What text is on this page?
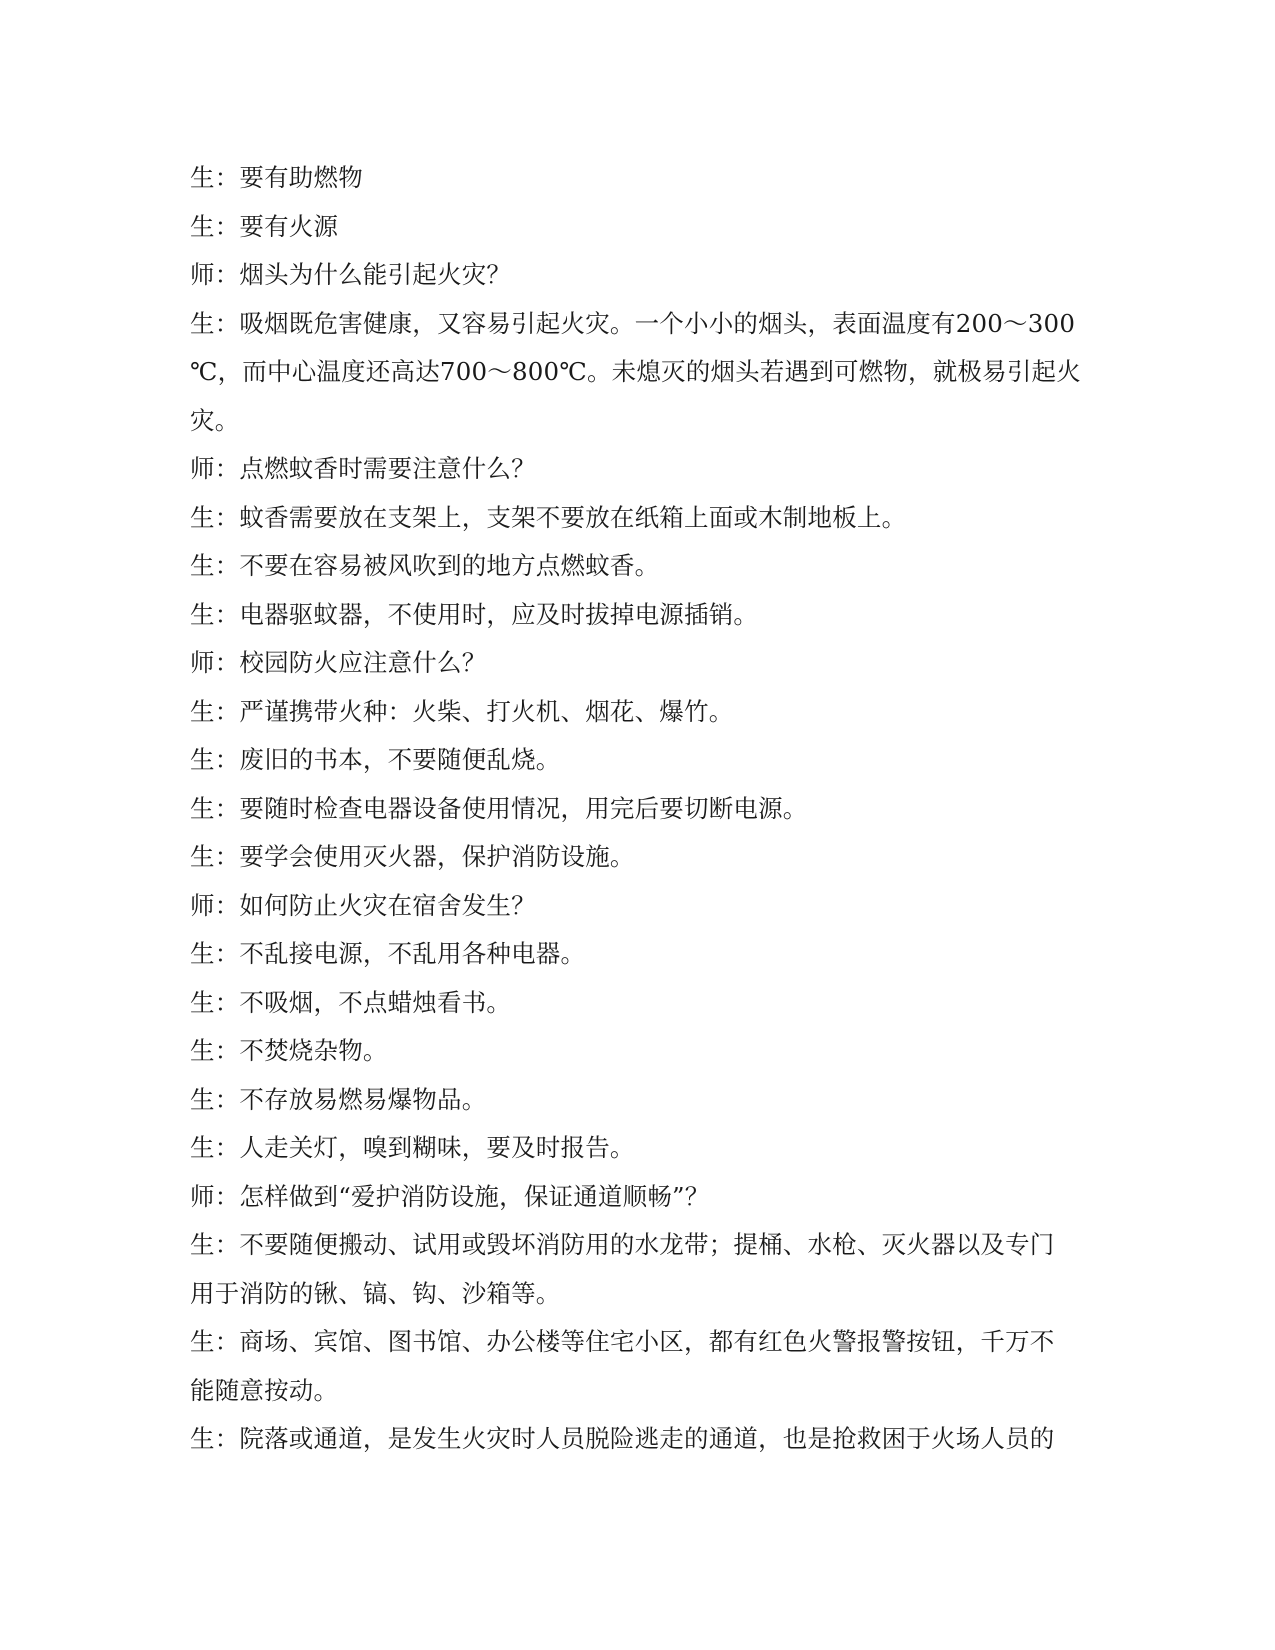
生：要有助燃物
生：要有火源
师：烟头为什么能引起火灾？
生：吸烟既危害健康，又容易引起火灾。一个小小的烟头，表面温度有200～300
℃，而中心温度还高达700～800℃。未熄灭的烟头若遇到可燃物，就极易引起火
灾。
师：点燃蚊香时需要注意什么？
生：蚊香需要放在支架上，支架不要放在纸箱上面或木制地板上。
生：不要在容易被风吹到的地方点燃蚊香。
生：电器驱蚊器，不使用时，应及时拔掉电源插销。
师：校园防火应注意什么？
生：严谨携带火种：火柴、打火机、烟花、爆竹。
生：废旧的书本，不要随便乱烧。
生：要随时检查电器设备使用情况，用完后要切断电源。
生：要学会使用灭火器，保护消防设施。
师：如何防止火灾在宿舍发生？
生：不乱接电源，不乱用各种电器。
生：不吸烟，不点蜡烛看书。
生：不焚烧杂物。
生：不存放易燃易爆物品。
生：人走关灯，嗅到糊味，要及时报告。
师：怎样做到“爱护消防设施，保证通道顺畅”？
生：不要随便搬动、试用或毁坏消防用的水龙带；提桶、水枪、灭火器以及专门
用于消防的锹、镐、钩、沙箱等。
生：商场、宾馆、图书馆、办公楼等住宅小区，都有红色火警报警按钮，千万不
能随意按动。
生：院落或通道，是发生火灾时人员脱险逃走的通道，也是抢救困于火场人员的
